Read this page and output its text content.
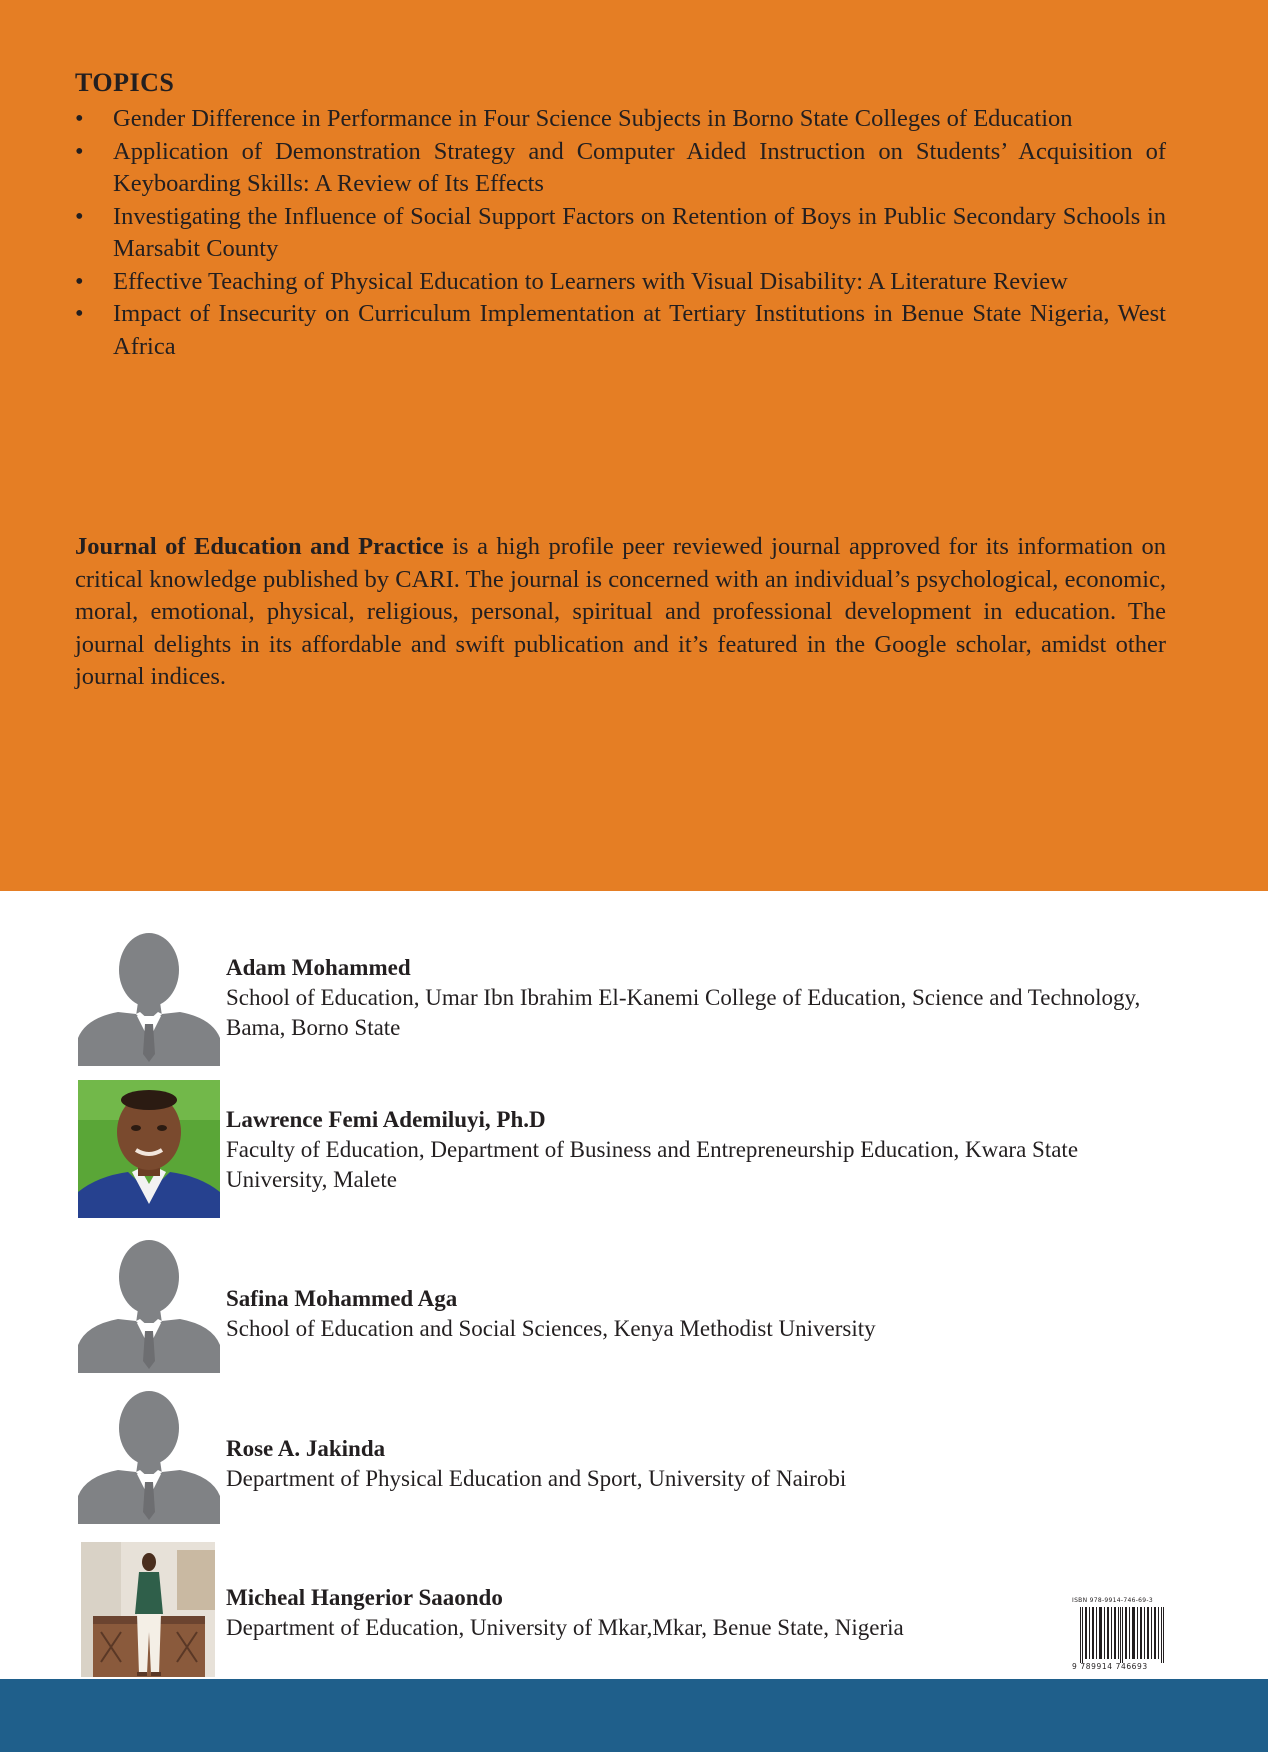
TOPICS
• Gender Difference in Performance in Four Science Subjects in Borno State Colleges of Education
• Application of Demonstration Strategy and Computer Aided Instruction on Students’ Acquisition of Keyboarding Skills: A Review of Its Effects
• Investigating the Influence of Social Support Factors on Retention of Boys in Public Secondary Schools in Marsabit County
• Effective Teaching of Physical Education to Learners with Visual Disability: A Literature Review
• Impact of Insecurity on Curriculum Implementation at Tertiary Institutions in Benue State Nigeria, West Africa

Journal of Education and Practice is a high profile peer reviewed journal approved for its information on critical knowledge published by CARI. The journal is concerned with an individual’s psychological, economic, moral, emotional, physical, religious, personal, spiritual and professional development in education. The journal delights in its affordable and swift publication and it’s featured in the Google scholar, amidst other journal indices.

Adam Mohammed
School of Education, Umar Ibn Ibrahim El-Kanemi College of Education, Science and Technology, Bama, Borno State
Lawrence Femi Ademiluyi, Ph.D
Faculty of Education, Department of Business and Entrepreneurship Education, Kwara State University, Malete
Safina Mohammed Aga
School of Education and Social Sciences, Kenya Methodist University
Rose A. Jakinda
Department of Physical Education and Sport, University of Nairobi
Micheal Hangerior Saaondo
Department of Education, University of Mkar,Mkar, Benue State, Nigeria
ISBN 978-9914-746-69-3
9 789914 746693
